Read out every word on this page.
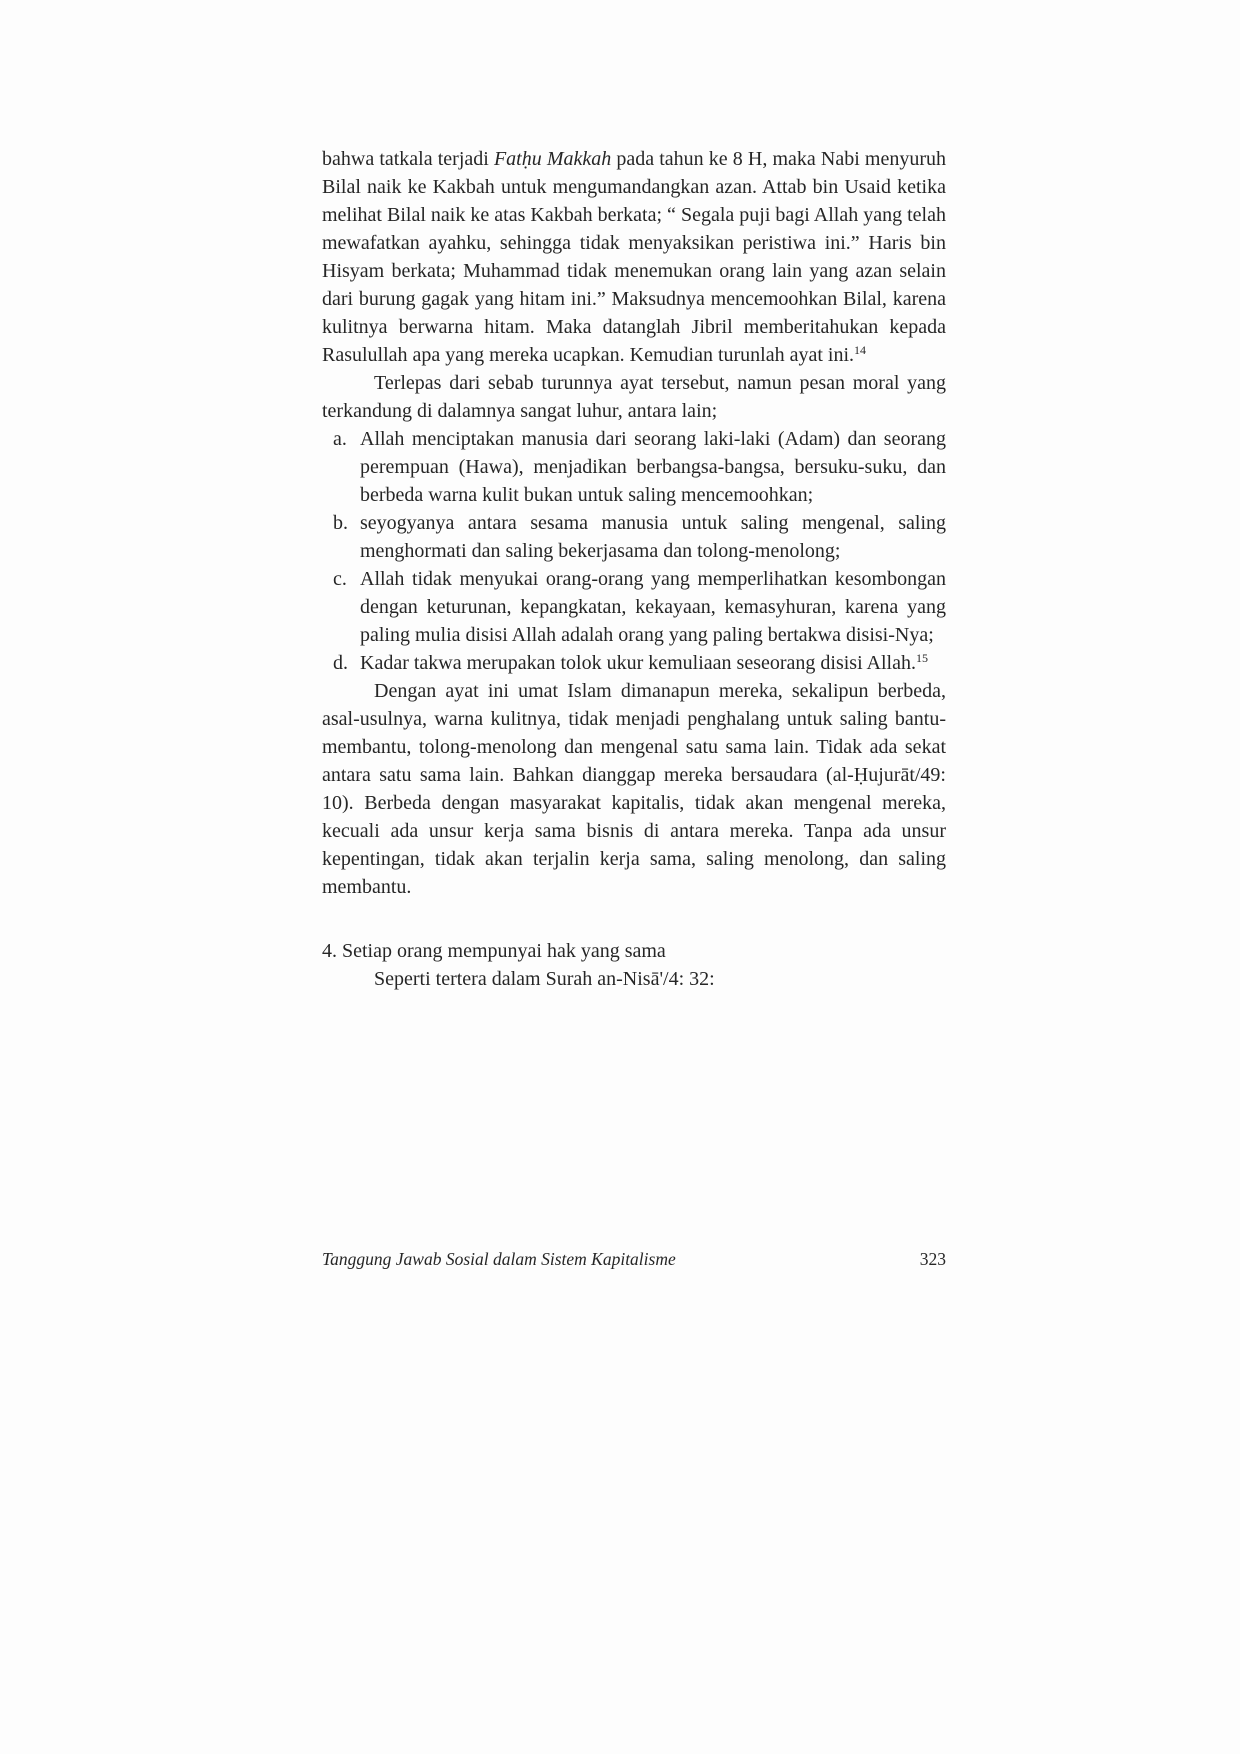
bahwa tatkala terjadi Fatḥu Makkah pada tahun ke 8 H, maka Nabi menyuruh Bilal naik ke Kakbah untuk mengumandangkan azan. Attab bin Usaid ketika melihat Bilal naik ke atas Kakbah berkata; “ Segala puji bagi Allah yang telah mewafatkan ayahku, sehingga tidak menyaksikan peristiwa ini.” Haris bin Hisyam berkata; Muhammad tidak menemukan orang lain yang azan selain dari burung gagak yang hitam ini.” Maksudnya mencemoohkan Bilal, karena kulitnya berwarna hitam. Maka datanglah Jibril memberitahukan kepada Rasulullah apa yang mereka ucapkan. Kemudian turunlah ayat ini.$^{14}$

Terlepas dari sebab turunnya ayat tersebut, namun pesan moral yang terkandung di dalamnya sangat luhur, antara lain;

a. Allah menciptakan manusia dari seorang laki-laki (Adam) dan seorang perempuan (Hawa), menjadikan berbangsa-bangsa, bersuku-suku, dan berbeda warna kulit bukan untuk saling mencemoohkan;
b. seyogyanya antara sesama manusia untuk saling mengenal, saling menghormati dan saling bekerjasama dan tolong-menolong;
c. Allah tidak menyukai orang-orang yang memperlihatkan kesombongan dengan keturunan, kepangkatan, kekayaan, kemasyhuran, karena yang paling mulia disisi Allah adalah orang yang paling bertakwa disisi-Nya;
d. Kadar takwa merupakan tolok ukur kemuliaan seseorang disisi Allah.$^{15}$

Dengan ayat ini umat Islam dimanapun mereka, sekalipun berbeda, asal-usulnya, warna kulitnya, tidak menjadi penghalang untuk saling bantu-membantu, tolong-menolong dan mengenal satu sama lain. Tidak ada sekat antara satu sama lain. Bahkan dianggap mereka bersaudara (al-Ḥujurāt/49: 10). Berbeda dengan masyarakat kapitalis, tidak akan mengenal mereka, kecuali ada unsur kerja sama bisnis di antara mereka. Tanpa ada unsur kepentingan, tidak akan terjalin kerja sama, saling menolong, dan saling membantu.

4. Setiap orang mempunyai hak yang sama

Seperti tertera dalam Surah an-Nisā'/4: 32:

Tanggung Jawab Sosial dalam Sistem Kapitalisme	323
